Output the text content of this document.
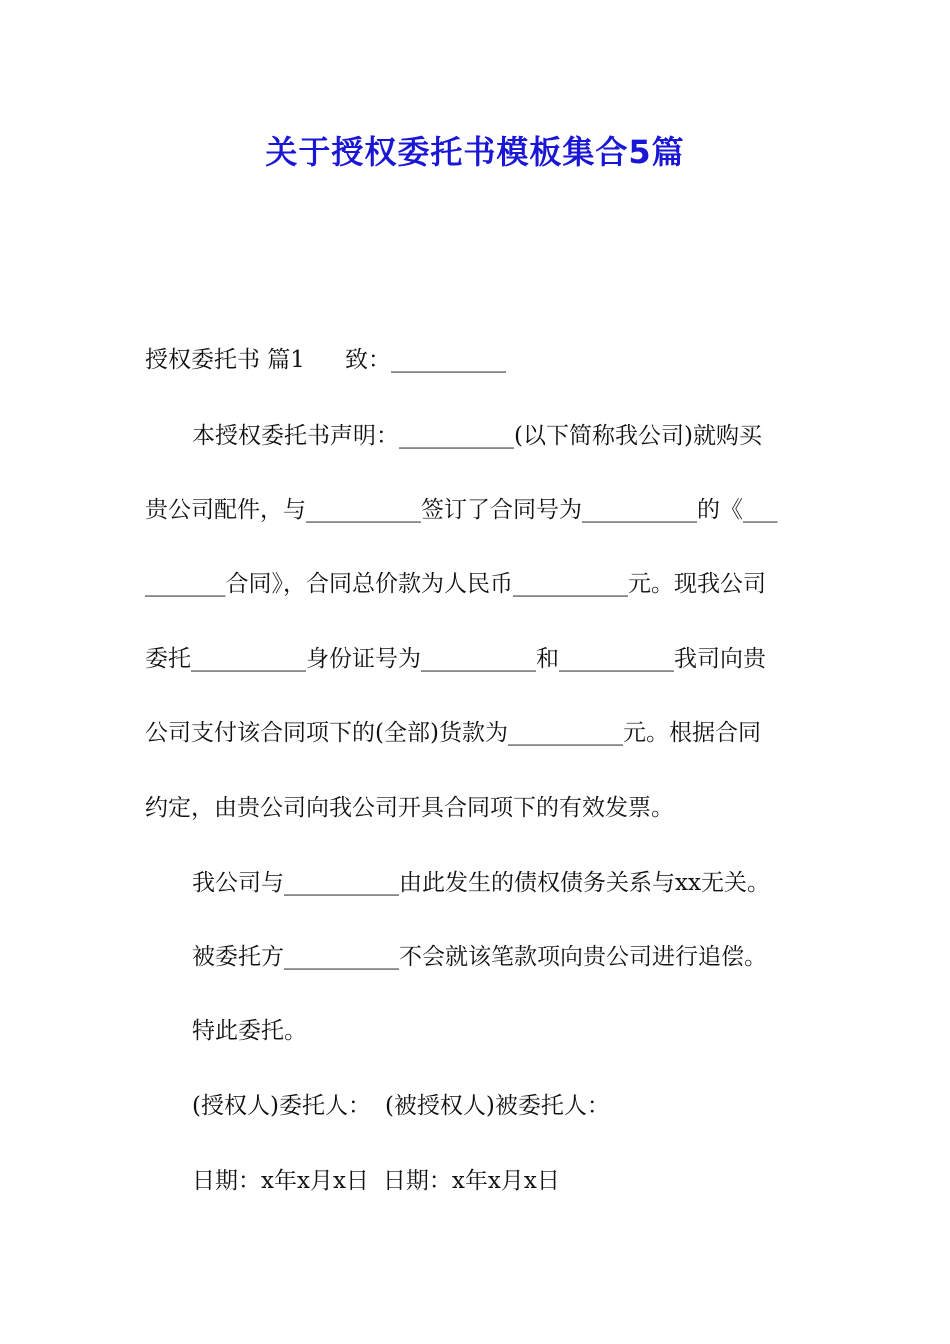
关于授权委托书模板集合5篇
授权委托书 篇1 致：__________
本授权委托书声明：__________(以下简称我公司)就购买
贵公司配件，与__________签订了合同号为__________的《___
_______合同》，合同总价款为人民币__________元。现我公司
委托__________身份证号为__________和__________我司向贵
公司支付该合同项下的(全部)货款为__________元。根据合同
约定，由贵公司向我公司开具合同项下的有效发票。
我公司与__________由此发生的债权债务关系与xx无关。
被委托方__________不会就该笔款项向贵公司进行追偿。
特此委托。
(授权人)委托人： (被授权人)被委托人：
日期：x年x月x日 日期：x年x月x日
